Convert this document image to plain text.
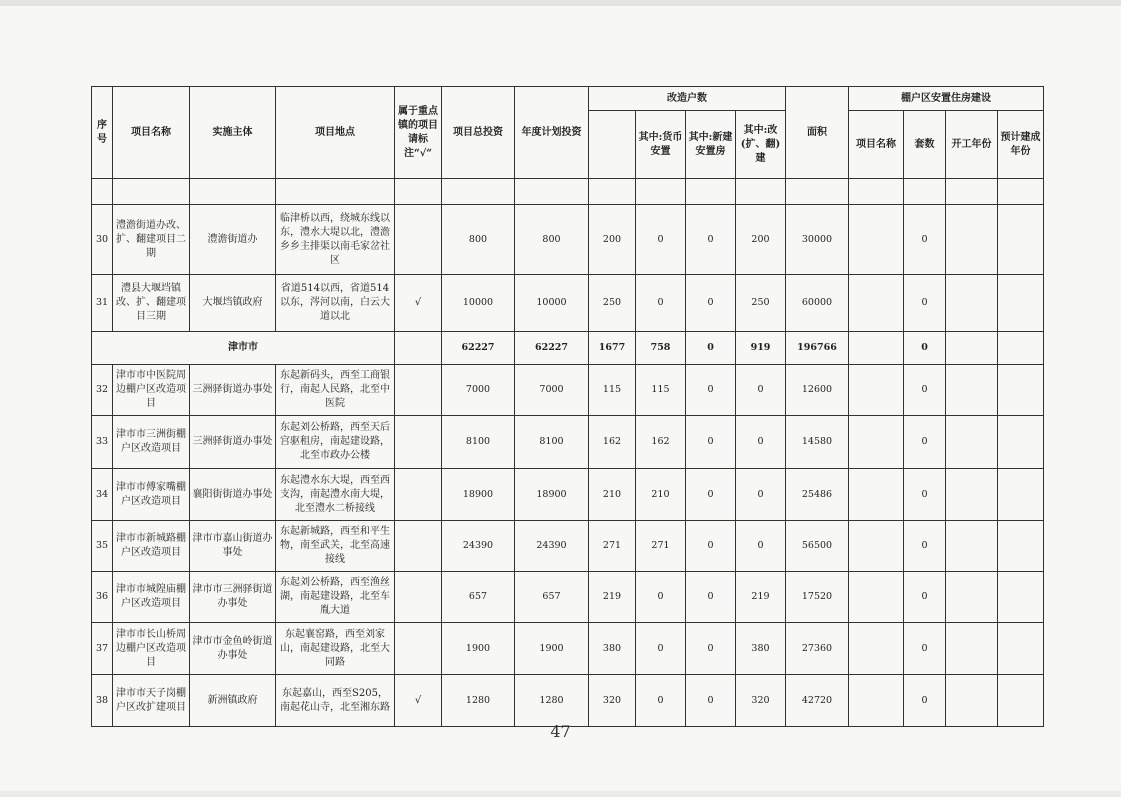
序号	项目名称	实施主体	项目地点	属于重点镇的项目请标注“√“	项目总投资	年度计划投资	改造户数				面积	棚户区安置住房建设			
								其中:货币安置	其中:新建安置房	其中:改(扩、翻)建		项目名称	套数	开工年份	预计建成年份

30	澧澹街道办改、扩、翻建项目二期	澧澹街道办	临津桥以西，绕城东线以东，澧水大堤以北，澧澹乡乡主排渠以南毛家岔社区		800	800	200	0	0	200	30000		0		
31	澧县大堰垱镇改、扩、翻建项目三期	大堰垱镇政府	省道514以西，省道514以东，涔河以南，白云大道以北	√	10000	10000	250	0	0	250	60000		0		
津市市					62227	62227	1677	758	0	919	196766		0		
32	津市市中医院周边棚户区改造项目	三洲驿街道办事处	东起新码头，西至工商银行，南起人民路，北至中医院		7000	7000	115	115	0	0	12600		0		
33	津市市三洲街棚户区改造项目	三洲驿街道办事处	东起刘公桥路，西至天后宫驱租房，南起建设路，北至市政办公楼		8100	8100	162	162	0	0	14580		0		
34	津市市傅家嘴棚户区改造项目	襄阳街街道办事处	东起澧水东大堤，西至西支沟，南起澧水南大堤，北至澧水二桥接线		18900	18900	210	210	0	0	25486		0		
35	津市市新城路棚户区改造项目	津市市嘉山街道办事处	东起新城路，西至和平生物，南至武关，北至高速接线		24390	24390	271	271	0	0	56500		0		
36	津市市城隍庙棚户区改造项目	津市市三洲驿街道办事处	东起刘公桥路，西至渔丝湖，南起建设路，北至车胤大道		657	657	219	0	0	219	17520		0		
37	津市市长山桥周边棚户区改造项目	津市市金鱼岭街道办事处	东起襄窑路，西至刘家山，南起建设路，北至大同路		1900	1900	380	0	0	380	27360		0		
38	津市市天子岗棚户区改扩建项目	新洲镇政府	东起嘉山，西至S205，南起花山寺，北至湘东路	√	1280	1280	320	0	0	320	42720		0		
47
